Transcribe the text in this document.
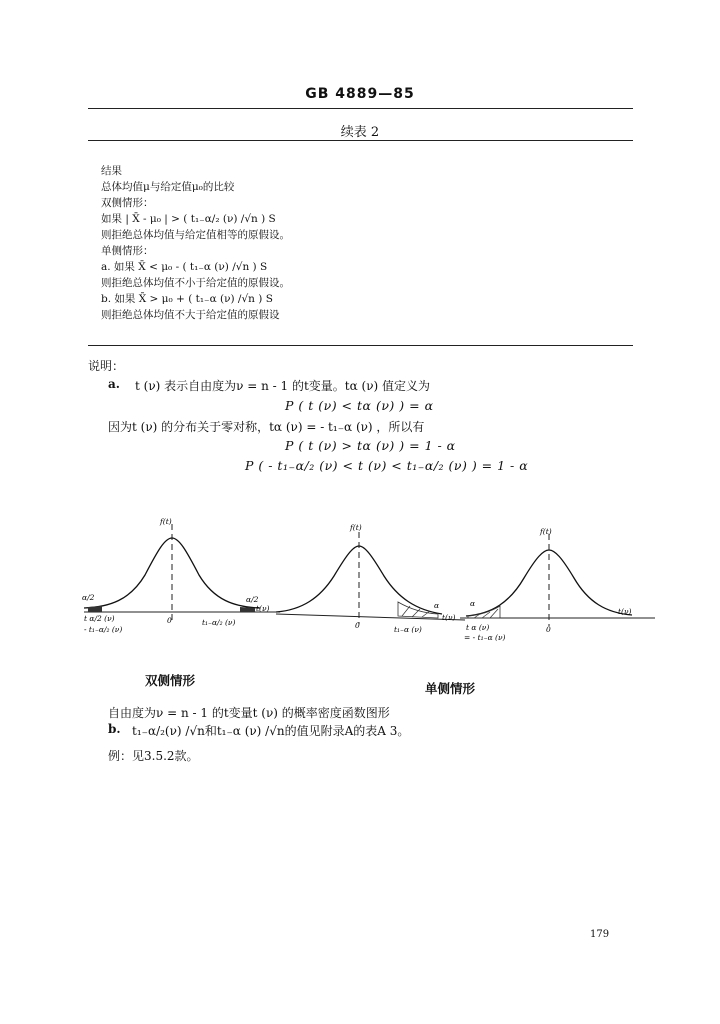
GB 4889—85
续表 2
结果
总体均值μ与给定值μ₀的比较
双侧情形：
如果 | X̄ - μ₀ | > ( t₁₋α/₂ (ν) /√n ) S
则拒绝总体均值与给定值相等的原假设。
单侧情形：
a. 如果 X̄ < μ₀ - ( t₁₋α (ν) /√n ) S
则拒绝总体均值不小于给定值的原假设。
b. 如果 X̄ > μ₀ + ( t₁₋α (ν) /√n ) S
则拒绝总体均值不大于给定值的原假设
说明：
a. t (ν) 表示自由度为ν = n - 1 的t变量。tα (ν) 值定义为
P ( t (ν) < tα (ν) ) = α
因为t (ν) 的分布关于零对称，tα (ν) = - t₁₋α (ν) ，所以有
P ( t (ν) > tα (ν) ) = 1 - α
P ( - t₁₋α/₂ (ν) < t (ν) < t₁₋α/₂ (ν) ) = 1 - α
f(t)
α/2	α/2
t(ν)
t α/2 (ν)
- t₁₋α/₂ (ν)
0	t₁₋α/₂ (ν)
f(t)
α
t(ν)
0	t₁₋α (ν)
f(t)
α
t α (ν)
= - t₁₋α (ν)
0
t(ν)
双侧情形
单侧情形
自由度为ν = n - 1 的t变量t (ν) 的概率密度函数图形
b. t₁₋α/₂(ν) /√n和t₁₋α (ν) /√n的值见附录A的表A 3。
例：见3.5.2款。
179
